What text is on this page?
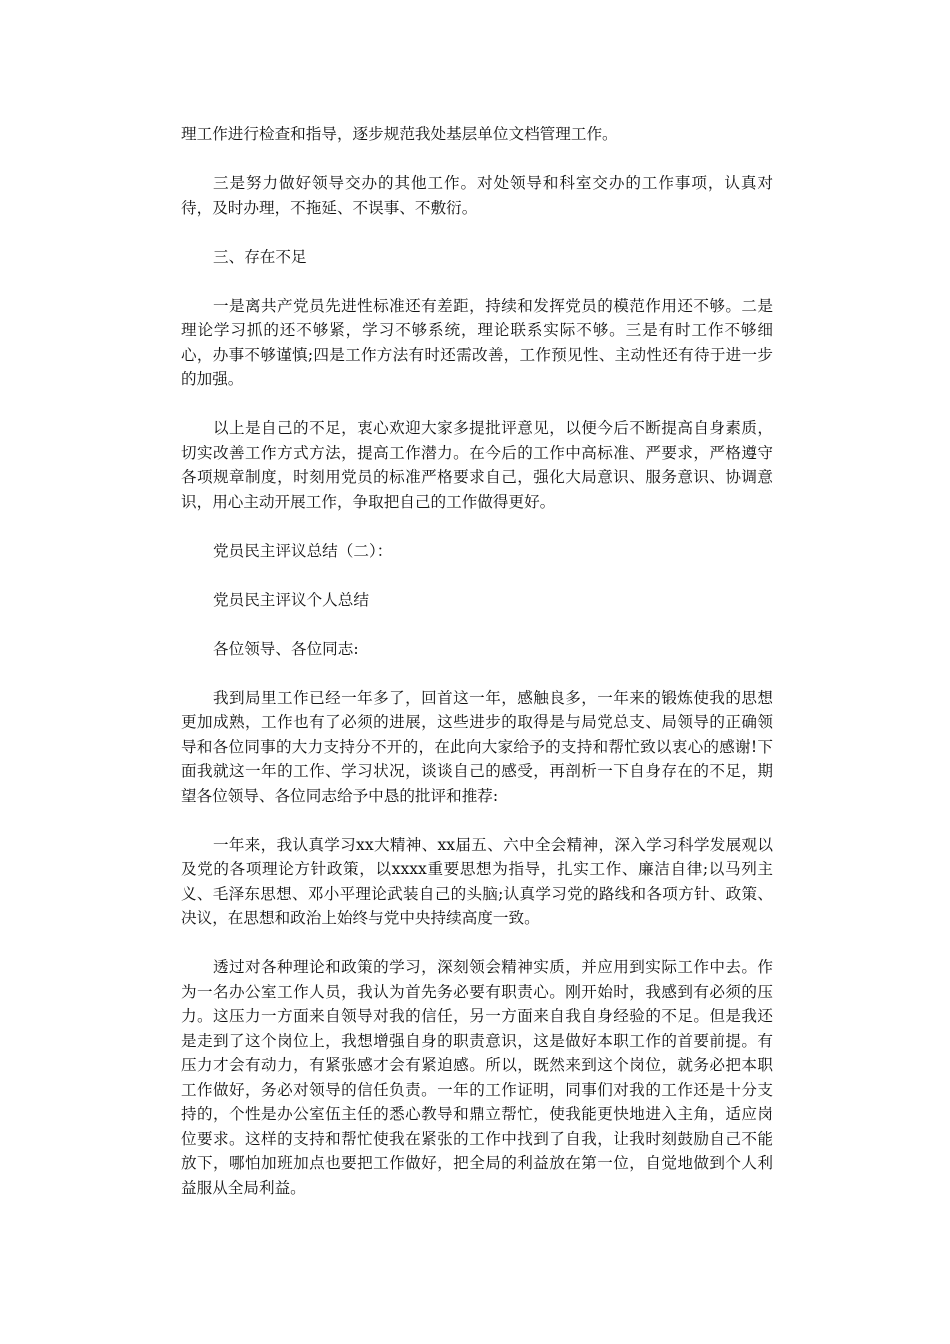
理工作进行检查和指导，逐步规范我处基层单位文档管理工作。

三是努力做好领导交办的其他工作。对处领导和科室交办的工作事项，认真对待，及时办理，不拖延、不误事、不敷衍。

三、存在不足

一是离共产党员先进性标准还有差距，持续和发挥党员的模范作用还不够。二是理论学习抓的还不够紧，学习不够系统，理论联系实际不够。三是有时工作不够细心，办事不够谨慎;四是工作方法有时还需改善，工作预见性、主动性还有待于进一步的加强。

以上是自己的不足，衷心欢迎大家多提批评意见，以便今后不断提高自身素质，切实改善工作方式方法，提高工作潜力。在今后的工作中高标准、严要求，严格遵守各项规章制度，时刻用党员的标准严格要求自己，强化大局意识、服务意识、协调意识，用心主动开展工作，争取把自己的工作做得更好。

党员民主评议总结（二）：

党员民主评议个人总结

各位领导、各位同志:

我到局里工作已经一年多了，回首这一年，感触良多，一年来的锻炼使我的思想更加成熟，工作也有了必须的进展，这些进步的取得是与局党总支、局领导的正确领导和各位同事的大力支持分不开的，在此向大家给予的支持和帮忙致以衷心的感谢!下面我就这一年的工作、学习状况，谈谈自己的感受，再剖析一下自身存在的不足，期望各位领导、各位同志给予中恳的批评和推荐:

一年来，我认真学习xx大精神、xx届五、六中全会精神，深入学习科学发展观以及党的各项理论方针政策，以xxxx重要思想为指导，扎实工作、廉洁自律;以马列主义、毛泽东思想、邓小平理论武装自己的头脑;认真学习党的路线和各项方针、政策、决议，在思想和政治上始终与党中央持续高度一致。

透过对各种理论和政策的学习，深刻领会精神实质，并应用到实际工作中去。作为一名办公室工作人员，我认为首先务必要有职责心。刚开始时，我感到有必须的压力。这压力一方面来自领导对我的信任，另一方面来自我自身经验的不足。但是我还是走到了这个岗位上，我想增强自身的职责意识，这是做好本职工作的首要前提。有压力才会有动力，有紧张感才会有紧迫感。所以，既然来到这个岗位，就务必把本职工作做好，务必对领导的信任负责。一年的工作证明，同事们对我的工作还是十分支持的，个性是办公室伍主任的悉心教导和鼎立帮忙，使我能更快地进入主角，适应岗位要求。这样的支持和帮忙使我在紧张的工作中找到了自我，让我时刻鼓励自己不能放下，哪怕加班加点也要把工作做好，把全局的利益放在第一位，自觉地做到个人利益服从全局利益。
